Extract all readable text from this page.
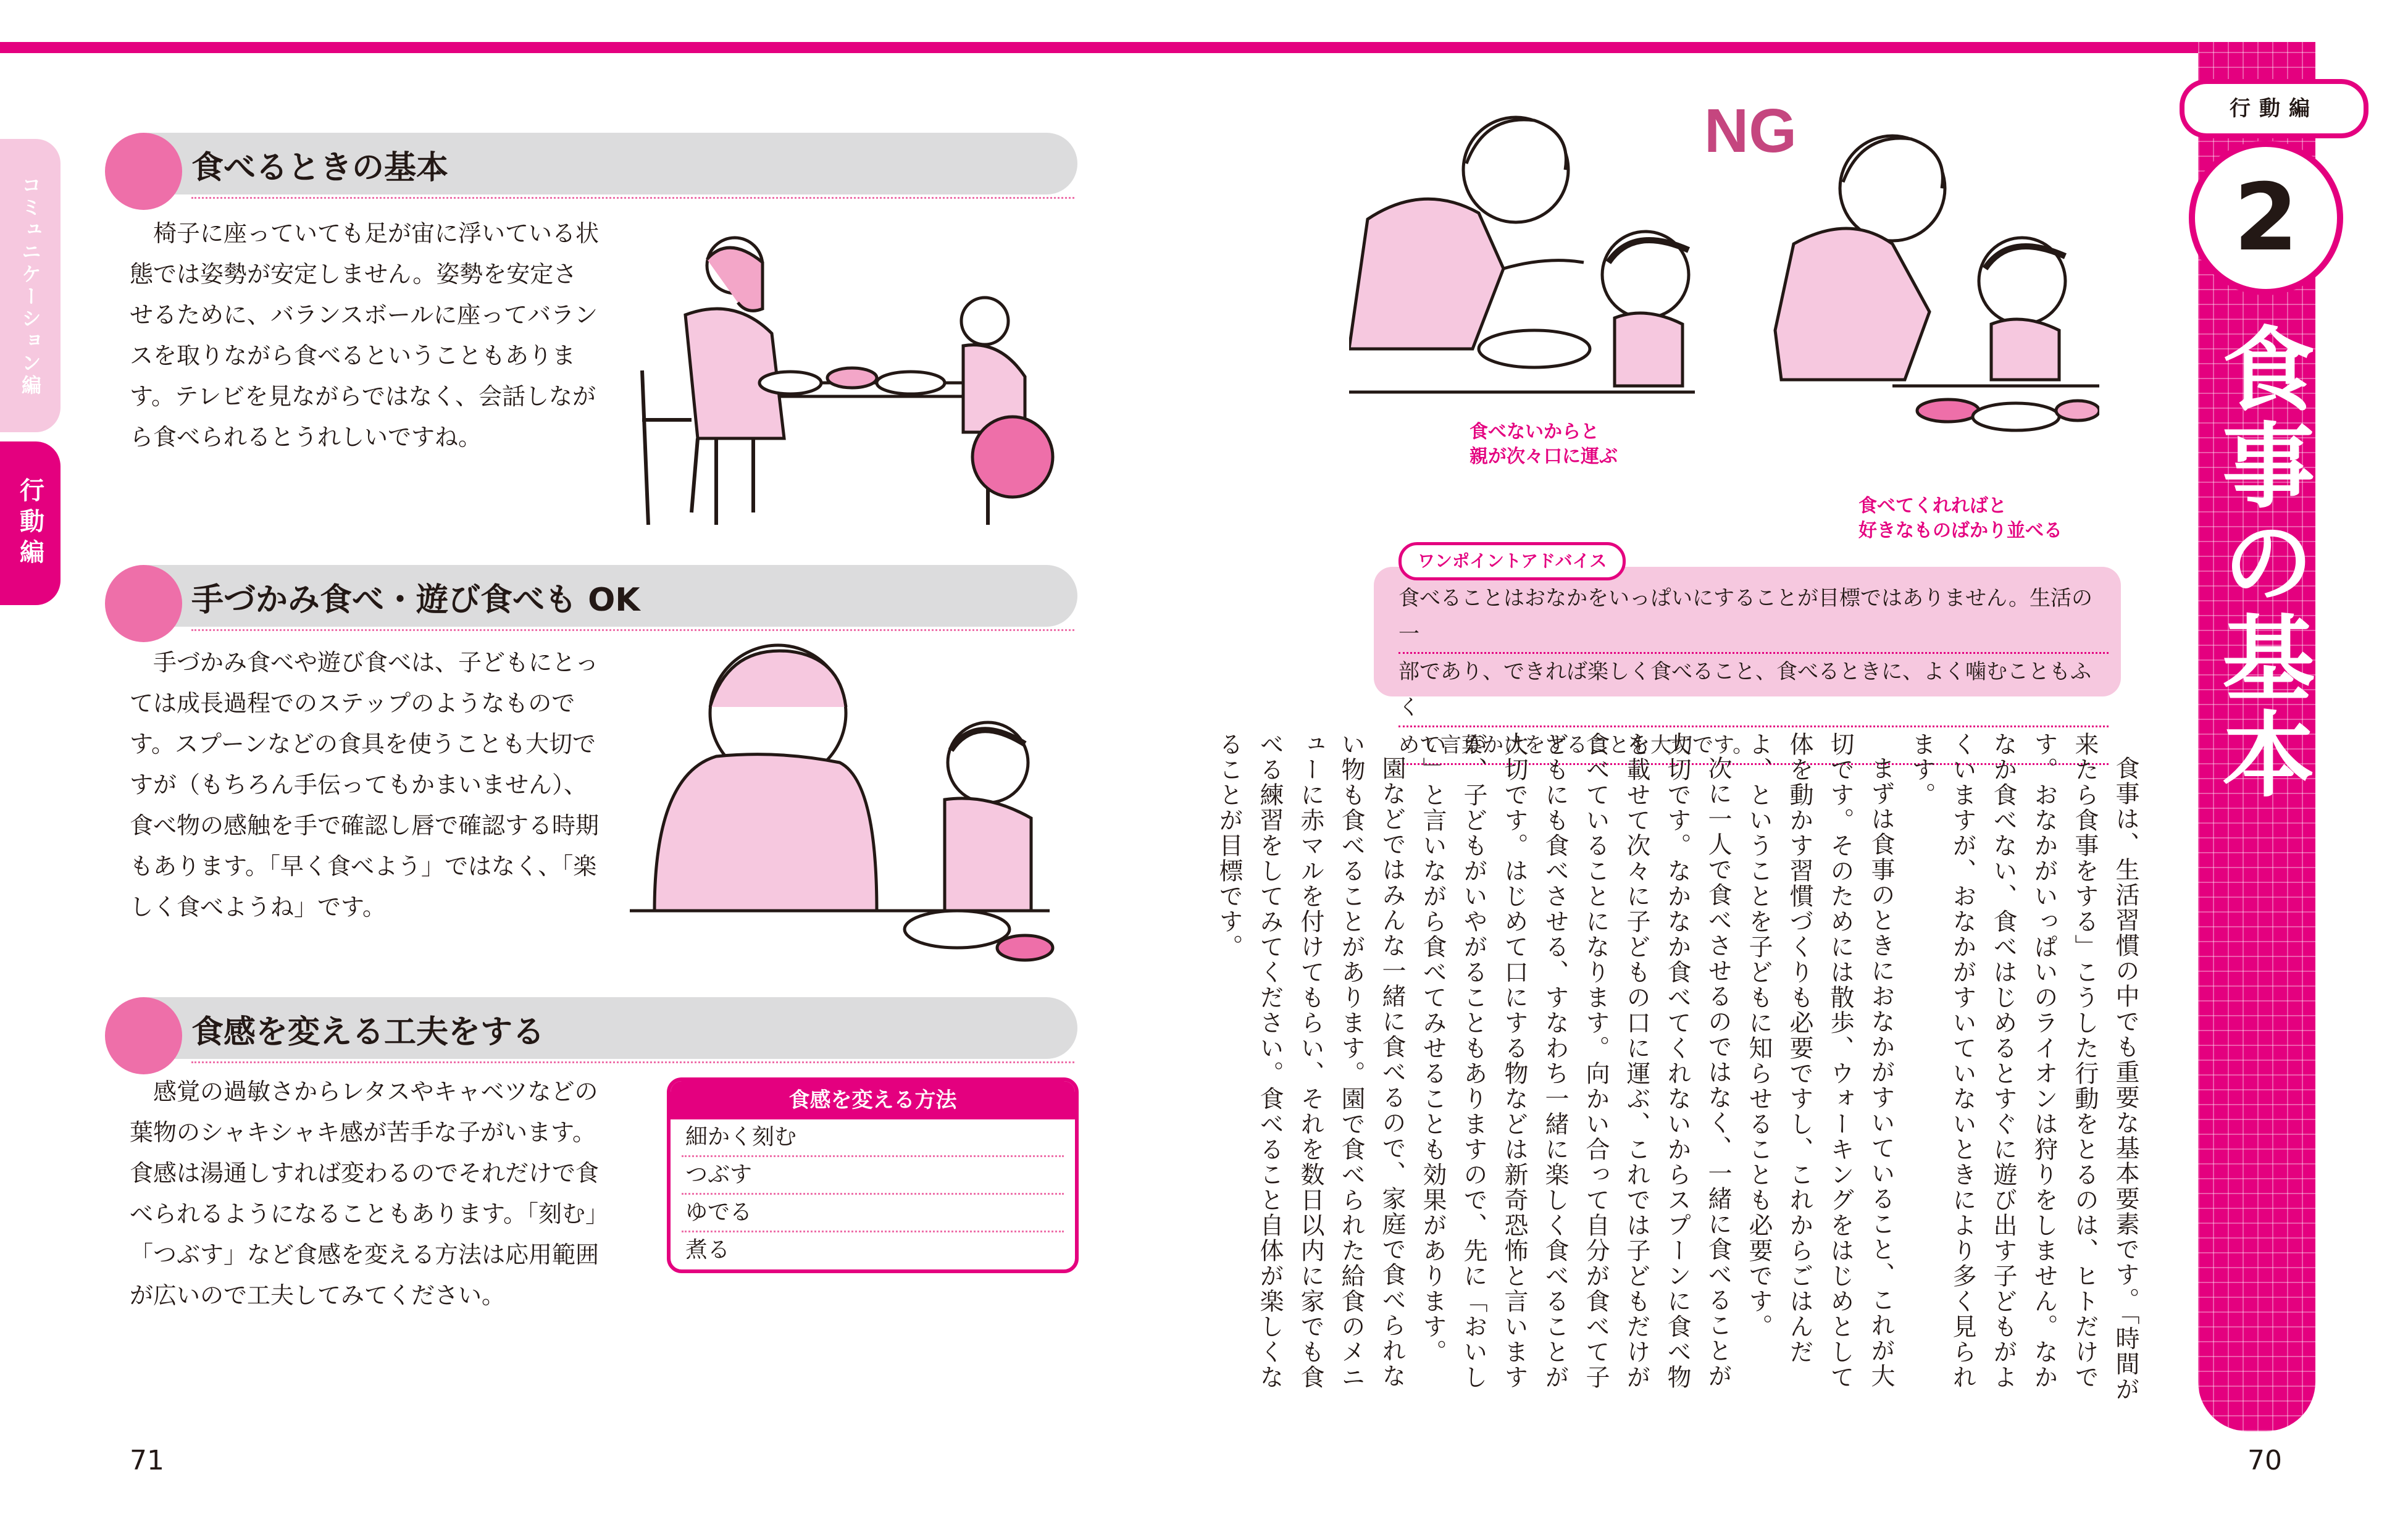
行動編
2
食事の基本
コミュニケーション編
行動編
食べるときの基本
椅子に座っていても足が宙に浮いている状態では姿勢が安定しません。姿勢を安定させるために、バランスボールに座ってバランスを取りながら食べるということもあります。テレビを見ながらではなく、会話しながら食べられるとうれしいですね。
手づかみ食べ・遊び食べも OK
手づかみ食べや遊び食べは、子どもにとっては成長過程でのステップのようなものです。スプーンなどの食具を使うことも大切ですが（もちろん手伝ってもかまいません）、食べ物の感触を手で確認し唇で確認する時期もあります。「早く食べよう」ではなく、「楽しく食べようね」です。
食感を変える工夫をする
感覚の過敏さからレタスやキャベツなどの葉物のシャキシャキ感が苦手な子がいます。食感は湯通しすれば変わるのでそれだけで食べられるようになることもあります。「刻む」「つぶす」など食感を変える方法は応用範囲が広いので工夫してみてください。
食感を変える方法
細かく刻む
つぶす
ゆでる
煮る
71
NG
食べないからと
親が次々口に運ぶ
食べてくれればと
好きなものばかり並べる
ワンポイントアドバイス
食べることはおなかをいっぱいにすることが目標ではありません。生活の一
部であり、できれば楽しく食べること、食べるときに、よく噛むこともふく
めて言葉かけをすることも大切です。

食事は、生活習慣の中でも重要な基本要素です。「時間が来たら食事をする」こうした行動をとるのは、ヒトだけです。おなかがいっぱいのライオンは狩りをしません。なかなか食べない、食べはじめるとすぐに遊び出す子どもがよくいますが、おなかがすいていないときにより多く見られます。

まずは食事のときにおなかがすいていること、これが大切です。そのためには散歩、ウォーキングをはじめとして体を動かす習慣づくりも必要ですし、これからごはんだよ、ということを子どもに知らせることも必要です。

次に一人で食べさせるのではなく、一緒に食べることが大切です。なかなか食べてくれないからスプーンに食べ物を載せて次々に子どもの口に運ぶ、これでは子どもだけが食べていることになります。向かい合って自分が食べて子どもにも食べさせる、すなわち一緒に楽しく食べることが大切です。はじめて口にする物などは新奇恐怖と言いますが、子どもがいやがることもありますので、先に「おいしい」と言いながら食べてみせることも効果があります。

園などではみんな一緒に食べるので、家庭で食べられない物も食べることがあります。園で食べられた給食のメニューに赤マルを付けてもらい、それを数日以内に家でも食べる練習をしてみてください。食べること自体が楽しくなることが目標です。

70
